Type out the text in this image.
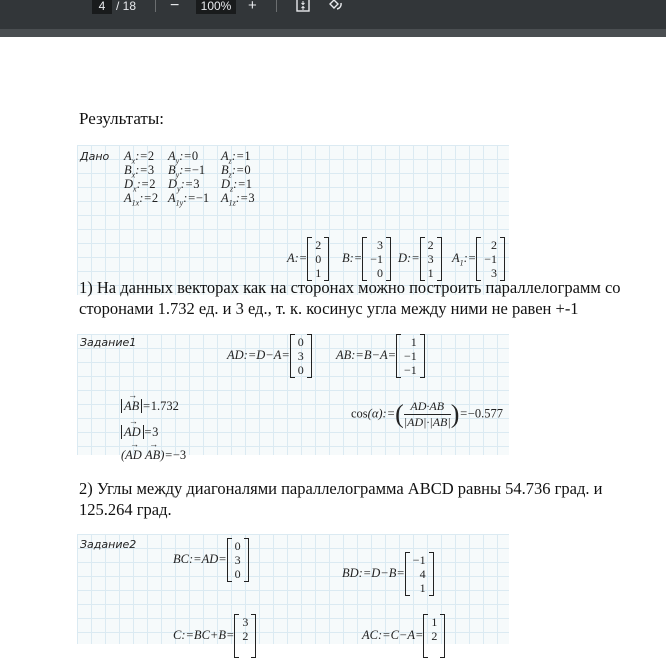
4 / 18 −	100%	+
Результаты:
Дано $A_x:=2$ $A_y:=0$ $A_z:=1$
$B_x:=3$ $B_y:=-1$ $B_z:=0$
$D_x:=2$ $D_y:=3$ $D_z:=1$
$A_{1x}:=2$ $A_{1y}:=-1$ $A_{1z}:=3$
A:=
2
0
1
B:=
3
−1
0
D:=
2
3
1
$A_1:=$
2
−1
3
1) На данных векторах как на сторонах можно построить параллелограмм со сторонами 1.732 ед. и 3 ед., т. к. косинус угла между ними не равен +-1
Задание1
AD:=D−A=
0
3
0
AB:=B−A=
1
−1
−1
→ AB =1.732
→ AD =3
(→ AD → AB)=−3
cos(α):=( $\frac{AD\cdot AB}{|AD|\cdot|AB|} )=-0.577$
2) Углы между диагоналями параллелограмма ABCD равны 54.736 град. и 125.264 град.
Задание2
BC:=AD=
0
3
0	BD:=D−B=
−1
4
1
C:=BC+B=
3
2
	AC:=C−A=
1
2
